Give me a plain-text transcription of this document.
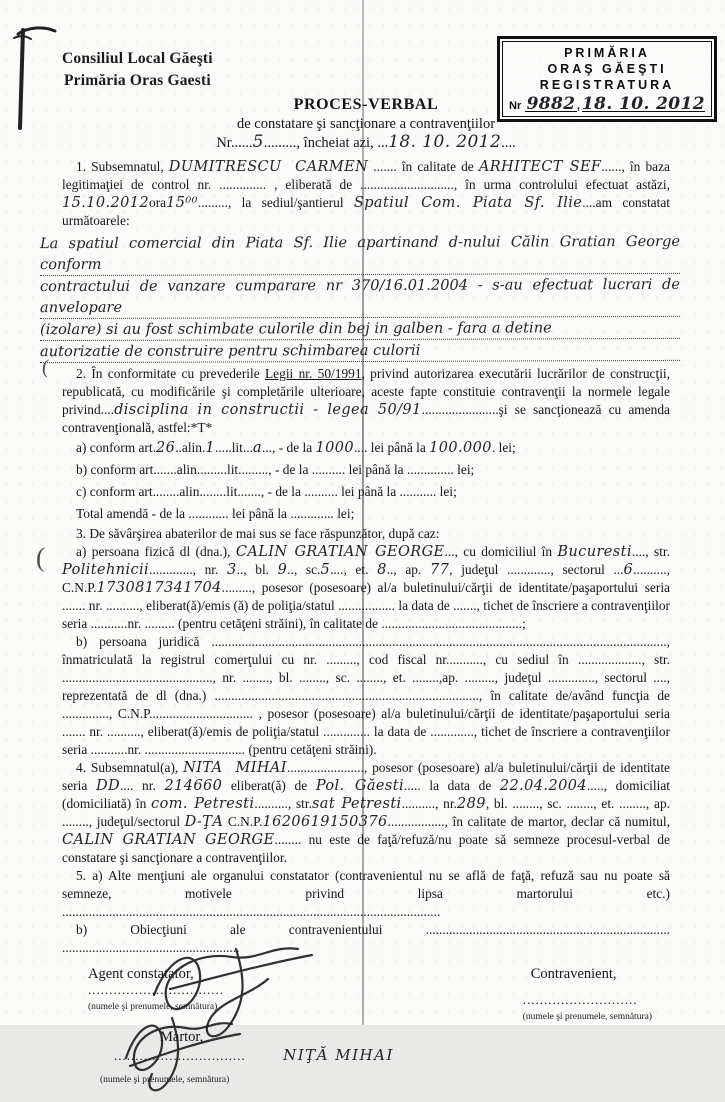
(
(
Consiliul Local Găeşti
Primăria Oras Gaesti
PRIMĂRIA
ORAŞ GĂEŞTI
REGISTRATURA
Nr 9882 , 18. 10. 2012
PROCES-VERBAL
de constatare şi sancţionare a contravenţiilor
Nr......5........., încheiat azi, ...18. 10. 2012....

1. Subsemnatul, DUMITRESCU  CARMEN ....... în calitate de ARHITECT SEF......, în baza legitimaţiei de control nr. .............. , eliberată de ............................, în urma controlului efectuat astăzi, 15.10.2012ora15⁰⁰........., la sediul/şantierul Spatiul Com. Piata Sf. Ilie....am constatat următoarele:

La spatiul comercial din Piata Sf. Ilie apartinand d-nului Călin Gratian George conform
contractului de vanzare cumparare nr 370/16.01.2004 - s-au efectuat lucrari de anvelopare
(izolare) si au fost schimbate culorile din bej in galben - fara a detine
autorizatie de construire pentru schimbarea culorii

2. În conformitate cu prevederile Legii nr. 50/1991, privind autorizarea executării lucrărilor de construcţii, republicată, cu modificările şi completările ulterioare, aceste fapte constituie contravenţii la normele legale privind....disciplina in constructii - legea 50/91.......................şi se sancţionează cu amenda contravenţională, astfel:*T*

a) conform art.26..alin.1.....lit...a..., - de la 1000.... lei până la 100.000. lei;
b) conform art.......alin.........lit........., - de la .......... lei până la .............. lei;
c) conform art........alin........lit......., - de la .......... lei până la ........... lei;
Total amendă - de la ............ lei până la ............. lei;

3. De săvârşirea abaterilor de mai sus se face răspunzător, după caz:

a) persoana fizică dl (dna.), CALIN GRATIAN GEORGE..., cu domiciliul în Bucuresti...., str. Politehnicii............., nr. 3.., bl. 9.., sc.5...., et. 8.., ap. 77, judeţul ............., sectorul ...6.........., C.N.P.1730817341704........., posesor (posesoare) al/a buletinului/cărţii de identitate/paşaportului seria ....... nr. .........., eliberat(ă)/emis (ă) de poliţia/statul ................. la data de ......., tichet de înscriere a contravenţiilor seria ...........nr. ......... (pentru cetăţeni străini), în calitate de ..........................................;

b) persoana juridică ........................................................................................................................................, înmatriculată la registrul comerţului cu nr. ........., cod fiscal nr..........., cu sediul în ..................., str. ............................................., nr. ........, bl. ........, sc. ........, et. ........,ap. ........., judeţul .............., sectorul ...., reprezentată de dl (dna.) ..............................................................................., în calitate de/având funcţia de .............., C.N.P............................... , posesor (posesoare) al/a buletinului/cărţii de identitate/paşaportului seria ....... nr. .........., eliberat(ă)/emis de poliţia/statul .............. la data de ............., tichet de înscriere a contravenţiilor seria ...........nr. .............................. (pentru cetăţeni străini).

4. Subsemnatul(a), NITA  MIHAI......................., posesor (posesoare) al/a buletinului/cărţii de identitate seria DD.... nr. 214660 eliberat(ă) de Pol. Găesti..... la data de 22.04.2004....., domiciliat (domiciliată) în com. Petresti.........., str.sat Petresti.........., nr.289, bl. ........, sc. ........, et. ........, ap. ........, judeţul/sectorul D-ŢA C.N.P.1620619150376................., în calitate de martor, declar că numitul, CALIN GRATIAN GEORGE........ nu este de faţă/refuză/nu poate să semneze procesul-verbal de constatare şi sancţionare a contravenţiilor.

5. a) Alte menţiuni ale organului constatator (contravenientul nu se află de faţă, refuză sau nu poate să semneze, motivele privind lipsa martorului etc.) .................................................................................................................

b) Obiecţiuni ale contravenientului ......................................................................... .....................................................

Agent constatator,
................................
(numele şi prenumele, semnătura)
Contravenient,
...........................
(numele şi prenumele, semnătura)
Martor,
............................... NIŢĂ MIHAI
(numele şi prenumele, semnătura)
